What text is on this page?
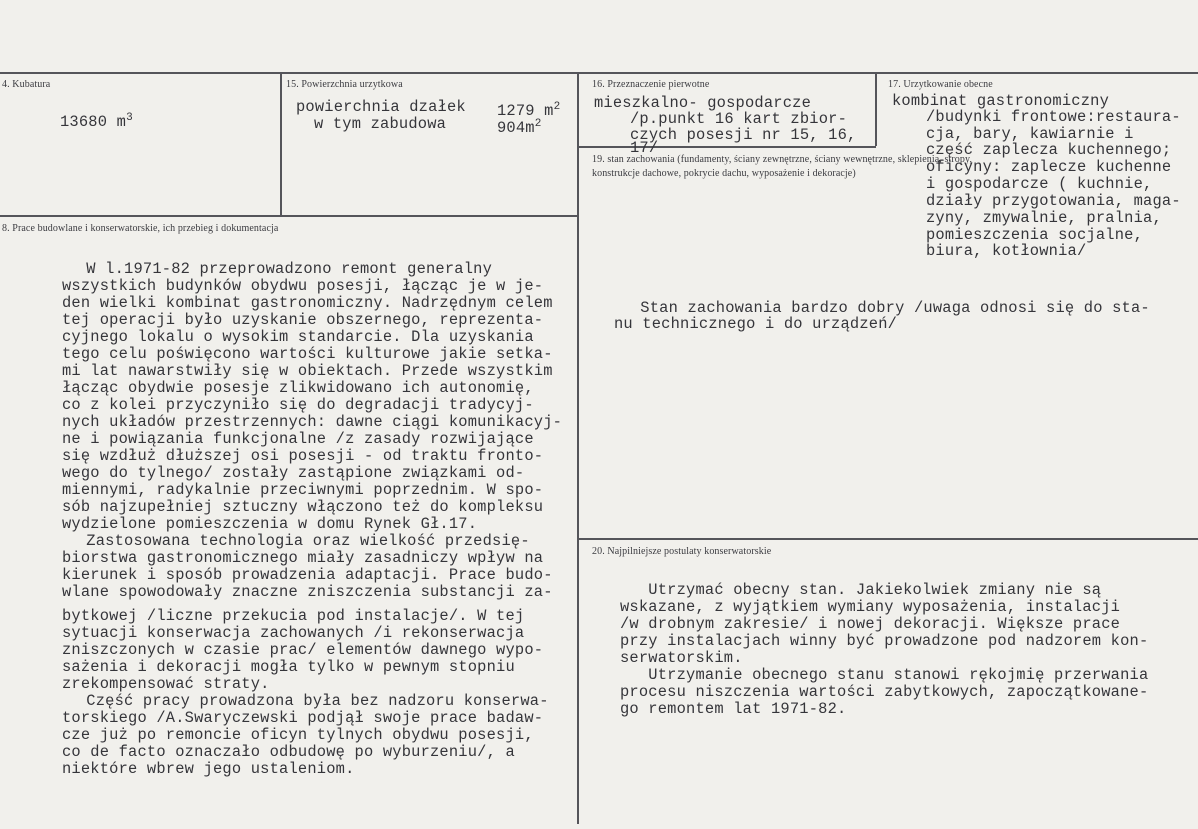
4. Kubatura
13680 $m^3$
15. Powierzchnia urzytkowa
powierchnia dzałek 1279 $m^2$
w tym zabudowa	$904m^2$
16. Przeznaczenie pierwotne
mieszkalno- gospodarcze
/p.punkt 16 kart zbior-
czych posesji nr 15, 16,
17/
17. Urzytkowanie obecne
kombinat gastronomiczny
/budynki frontowe:restaura-
cja, bary, kawiarnie i
część zaplecza kuchennego;
oficyny: zaplecze kuchenne
i gospodarcze ( kuchnie,
działy przygotowania, maga-
zyny, zmywalnie, pralnia,
pomieszczenia socjalne,
biura, kotłownia/
8. Prace budowlane i konserwatorskie, ich przebieg i dokumentacja
W l.1971-82 przeprowadzono remont generalny
wszystkich budynków obydwu posesji, łącząc je w je-
den wielki kombinat gastronomiczny. Nadrzędnym celem
tej operacji było uzyskanie obszernego, reprezenta-
cyjnego lokalu o wysokim standarcie. Dla uzyskania
tego celu poświęcono wartości kulturowe jakie setka-
mi lat nawarstwiły się w obiektach. Przede wszystkim
łącząc obydwie posesje zlikwidowano ich autonomię,
co z kolei przyczyniło się do degradacji tradycyj-
nych układów przestrzennych: dawne ciągi komunikacyj-
ne i powiązania funkcjonalne /z zasady rozwijające
się wzdłuż dłuższej osi posesji - od traktu fronto-
wego do tylnego/ zostały zastąpione związkami od-
miennymi, radykalnie przeciwnymi poprzednim. W spo-
sób najzupełniej sztuczny włączono też do kompleksu
wydzielone pomieszczenia w domu Rynek Gł.17.
Zastosowana technologia oraz wielkość przedsię-
biorstwa gastronomicznego miały zasadniczy wpływ na
kierunek i sposób prowadzenia adaptacji. Prace budo-
wlane spowodowały znaczne zniszczenia substancji za-
bytkowej /liczne przekucia pod instalacje/. W tej
sytuacji konserwacja zachowanych /i rekonserwacja
zniszczonych w czasie prac/ elementów dawnego wypo-
sażenia i dekoracji mogła tylko w pewnym stopniu
zrekompensować straty.
Część pracy prowadzona była bez nadzoru konserwa-
torskiego /A.Swaryczewski podjął swoje prace badaw-
cze już po remoncie oficyn tylnych obydwu posesji,
co de facto oznaczało odbudowę po wyburzeniu/, a
niektóre wbrew jego ustaleniom.
19. stan zachowania (fundamenty, ściany zewnętrzne, ściany wewnętrzne, sklepienia, stropy,
konstrukcje dachowe, pokrycie dachu, wyposażenie i dekoracje)
Stan zachowania bardzo dobry /uwaga odnosi się do sta-
nu technicznego i do urządzeń/
20. Najpilniejsze postulaty konserwatorskie
Utrzymać obecny stan. Jakiekolwiek zmiany nie są
wskazane, z wyjątkiem wymiany wyposażenia, instalacji
/w drobnym zakresie/ i nowej dekoracji. Większe prace
przy instalacjach winny być prowadzone pod nadzorem kon-
serwatorskim.
Utrzymanie obecnego stanu stanowi rękojmię przerwania
procesu niszczenia wartości zabytkowych, zapoczątkowane-
go remontem lat 1971-82.
